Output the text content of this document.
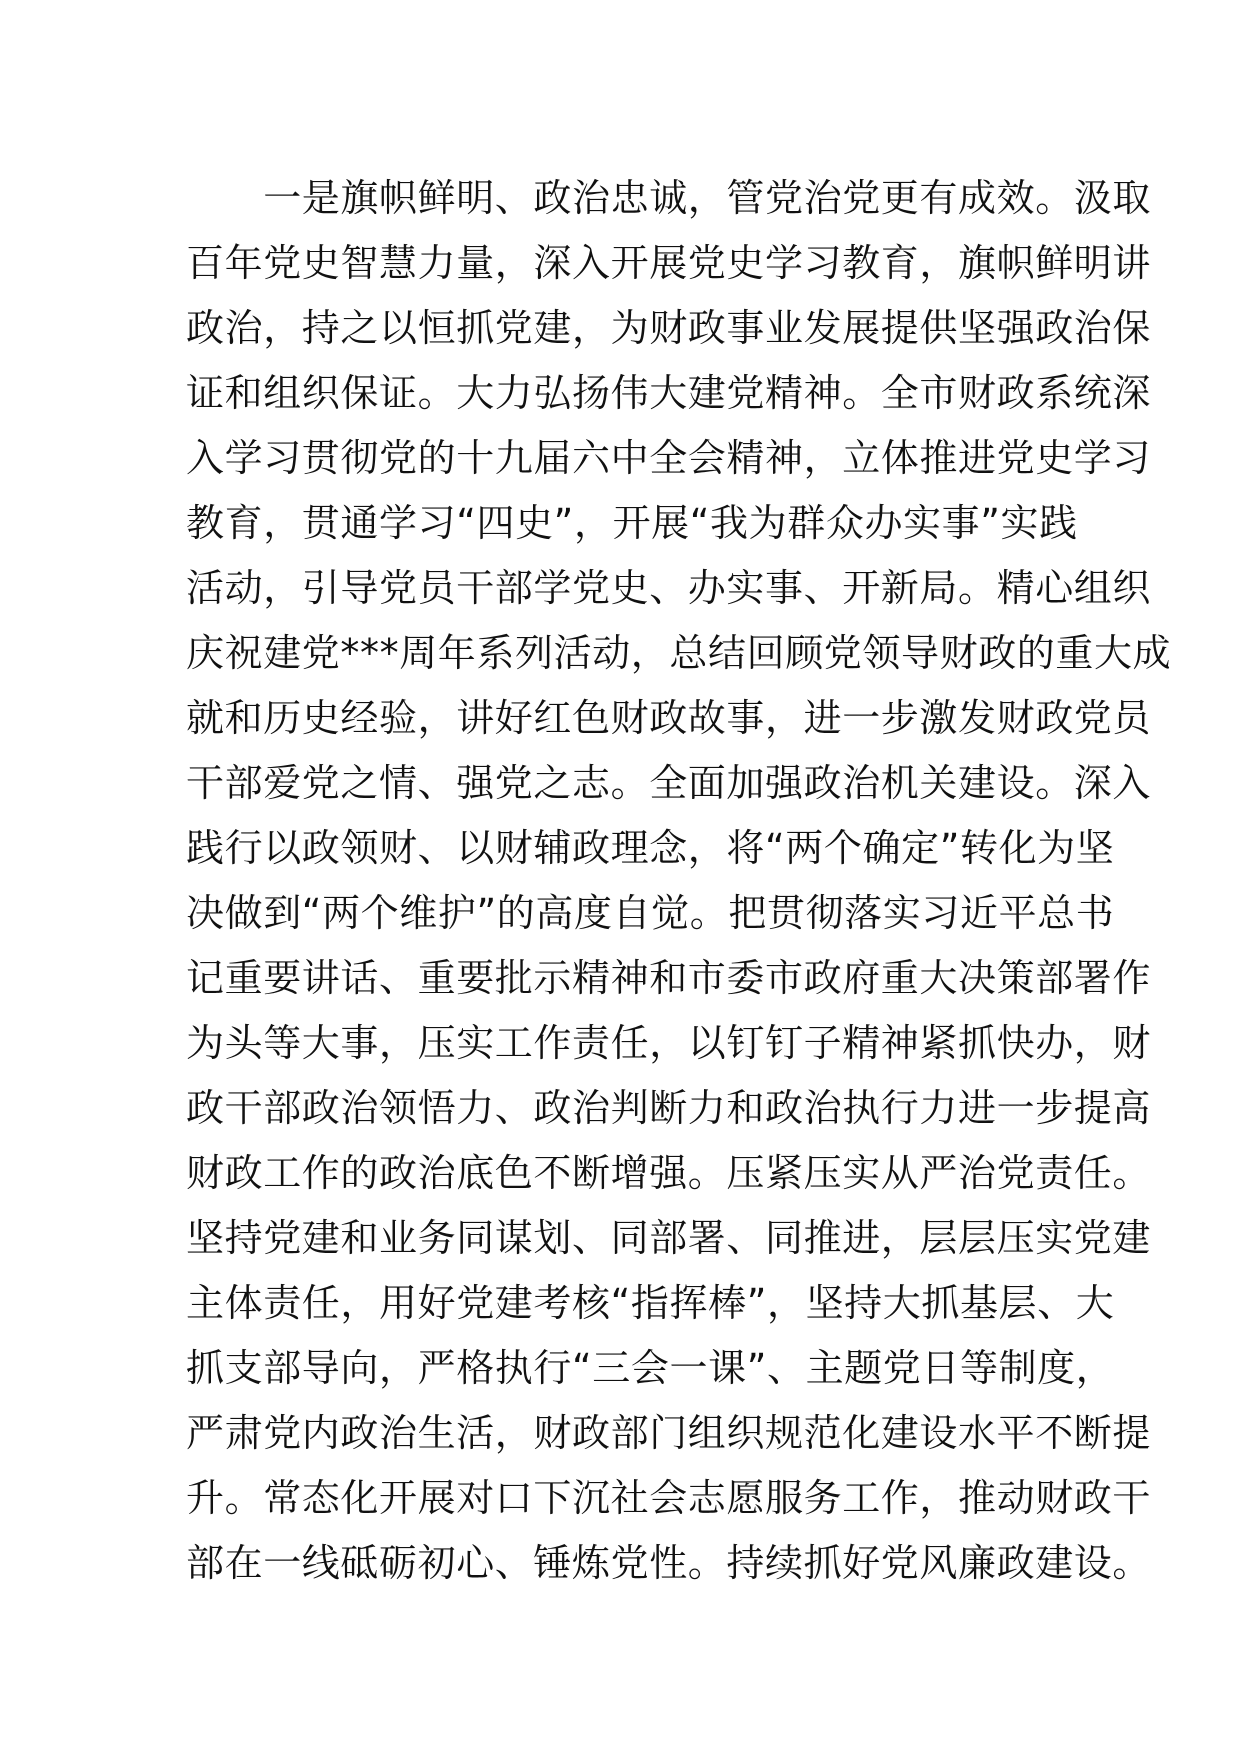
　　一是旗帜鲜明、政治忠诚，管党治党更有成效。汲取
百年党史智慧力量，深入开展党史学习教育，旗帜鲜明讲
政治，持之以恒抓党建，为财政事业发展提供坚强政治保
证和组织保证。大力弘扬伟大建党精神。全市财政系统深
入学习贯彻党的十九届六中全会精神，立体推进党史学习
教育，贯通学习“四史”，开展“我为群众办实事”实践
活动，引导党员干部学党史、办实事、开新局。精心组织
庆祝建党***周年系列活动，总结回顾党领导财政的重大成
就和历史经验，讲好红色财政故事，进一步激发财政党员
干部爱党之情、强党之志。全面加强政治机关建设。深入
践行以政领财、以财辅政理念，将“两个确定”转化为坚
决做到“两个维护”的高度自觉。把贯彻落实习近平总书
记重要讲话、重要批示精神和市委市政府重大决策部署作
为头等大事，压实工作责任，以钉钉子精神紧抓快办，财
政干部政治领悟力、政治判断力和政治执行力进一步提高
财政工作的政治底色不断增强。压紧压实从严治党责任。
坚持党建和业务同谋划、同部署、同推进，层层压实党建
主体责任，用好党建考核“指挥棒”，坚持大抓基层、大
抓支部导向，严格执行“三会一课”、主题党日等制度，
严肃党内政治生活，财政部门组织规范化建设水平不断提
升。常态化开展对口下沉社会志愿服务工作，推动财政干
部在一线砥砺初心、锤炼党性。持续抓好党风廉政建设。
